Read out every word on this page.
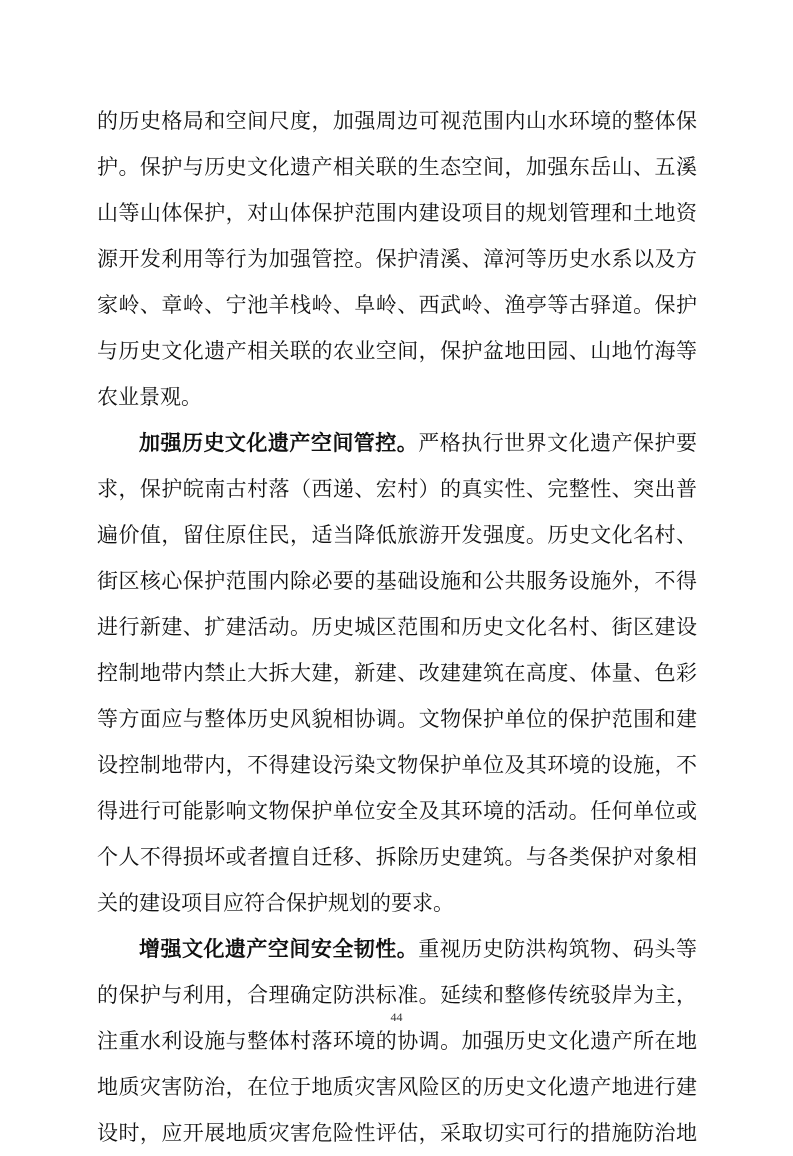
的历史格局和空间尺度，加强周边可视范围内山水环境的整体保
护。保护与历史文化遗产相关联的生态空间，加强东岳山、五溪
山等山体保护，对山体保护范围内建设项目的规划管理和土地资
源开发利用等行为加强管控。保护清溪、漳河等历史水系以及方
家岭、章岭、宁池羊栈岭、阜岭、西武岭、渔亭等古驿道。保护
与历史文化遗产相关联的农业空间，保护盆地田园、山地竹海等
农业景观。
加强历史文化遗产空间管控。严格执行世界文化遗产保护要
求，保护皖南古村落（西递、宏村）的真实性、完整性、突出普
遍价值，留住原住民，适当降低旅游开发强度。历史文化名村、
街区核心保护范围内除必要的基础设施和公共服务设施外，不得
进行新建、扩建活动。历史城区范围和历史文化名村、街区建设
控制地带内禁止大拆大建，新建、改建建筑在高度、体量、色彩
等方面应与整体历史风貌相协调。文物保护单位的保护范围和建
设控制地带内，不得建设污染文物保护单位及其环境的设施，不
得进行可能影响文物保护单位安全及其环境的活动。任何单位或
个人不得损坏或者擅自迁移、拆除历史建筑。与各类保护对象相
关的建设项目应符合保护规划的要求。
增强文化遗产空间安全韧性。重视历史防洪构筑物、码头等
的保护与利用，合理确定防洪标准。延续和整修传统驳岸为主，
注重水利设施与整体村落环境的协调。加强历史文化遗产所在地
地质灾害防治，在位于地质灾害风险区的历史文化遗产地进行建
设时，应开展地质灾害危险性评估，采取切实可行的措施防治地
44
